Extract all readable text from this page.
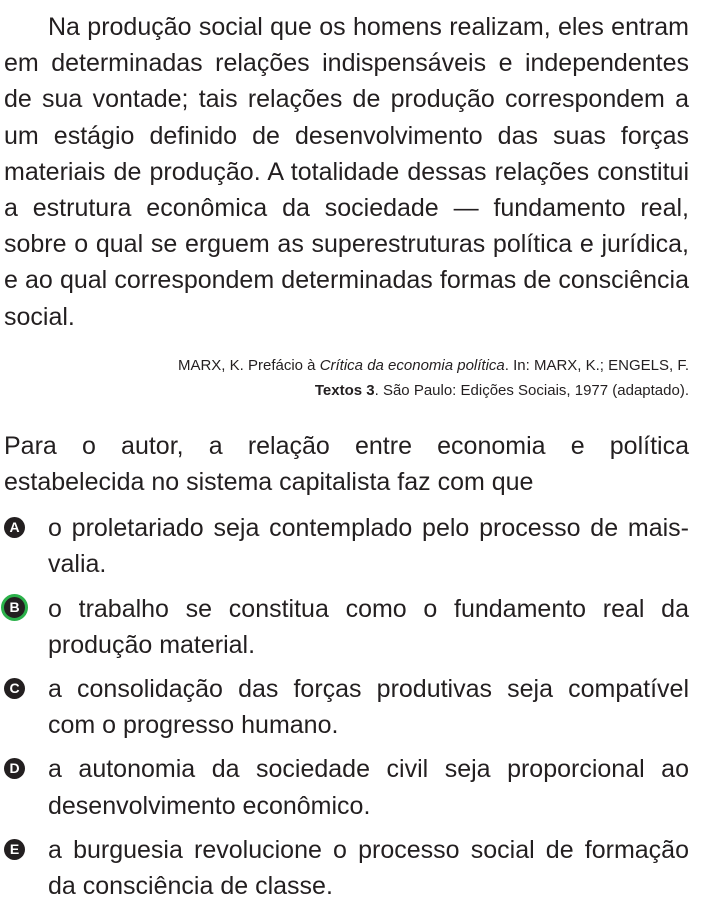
Na produção social que os homens realizam, eles entram em determinadas relações indispensáveis e independentes de sua vontade; tais relações de produção correspondem a um estágio definido de desenvolvimento das suas forças materiais de produção. A totalidade dessas relações constitui a estrutura econômica da sociedade — fundamento real, sobre o qual se erguem as superestruturas política e jurídica, e ao qual correspondem determinadas formas de consciência social.

MARX, K. Prefácio à Crítica da economia política. In: MARX, K.; ENGELS, F.
Textos 3. São Paulo: Edições Sociais, 1977 (adaptado).

Para o autor, a relação entre economia e política estabelecida no sistema capitalista faz com que

A o proletariado seja contemplado pelo processo de mais-valia.
B	o trabalho se constitua como o fundamento real da produção material.
C a consolidação das forças produtivas seja compatível com o progresso humano.
D a autonomia da sociedade civil seja proporcional ao desenvolvimento econômico.
E a burguesia revolucione o processo social de formação da consciência de classe.
